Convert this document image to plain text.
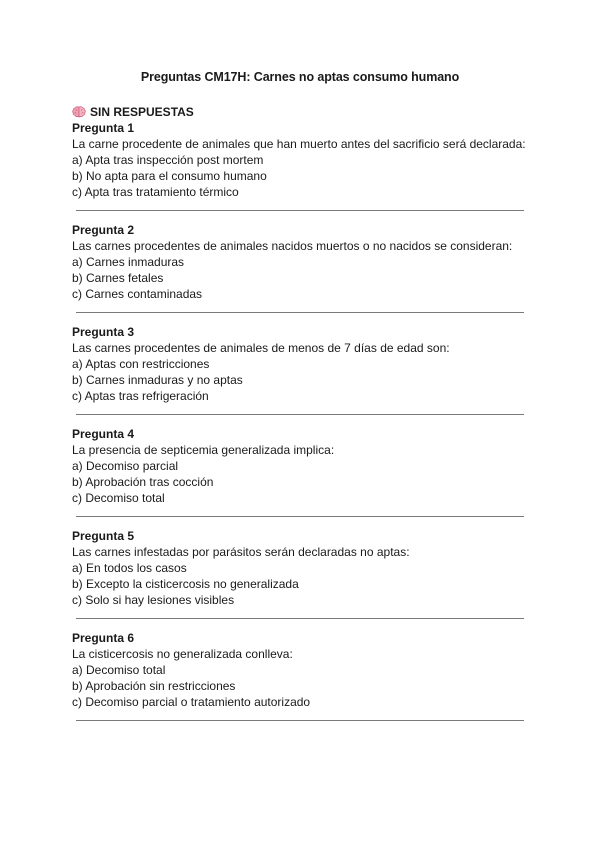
Preguntas CM17H: Carnes no aptas consumo humano
SIN RESPUESTAS
Pregunta 1
La carne procedente de animales que han muerto antes del sacrificio será declarada:
a) Apta tras inspección post mortem
b) No apta para el consumo humano
c) Apta tras tratamiento térmico
Pregunta 2
Las carnes procedentes de animales nacidos muertos o no nacidos se consideran:
a) Carnes inmaduras
b) Carnes fetales
c) Carnes contaminadas
Pregunta 3
Las carnes procedentes de animales de menos de 7 días de edad son:
a) Aptas con restricciones
b) Carnes inmaduras y no aptas
c) Aptas tras refrigeración
Pregunta 4
La presencia de septicemia generalizada implica:
a) Decomiso parcial
b) Aprobación tras cocción
c) Decomiso total
Pregunta 5
Las carnes infestadas por parásitos serán declaradas no aptas:
a) En todos los casos
b) Excepto la cisticercosis no generalizada
c) Solo si hay lesiones visibles
Pregunta 6
La cisticercosis no generalizada conlleva:
a) Decomiso total
b) Aprobación sin restricciones
c) Decomiso parcial o tratamiento autorizado
